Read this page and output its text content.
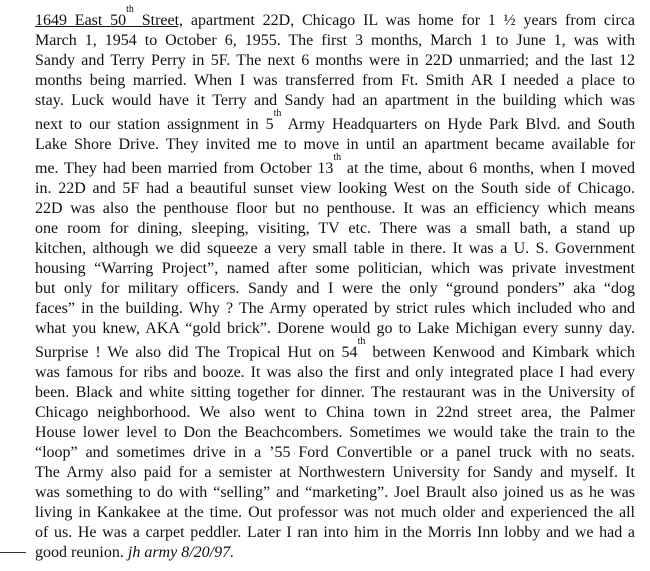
1649 East 50th Street, apartment 22D, Chicago IL was home for 1 ½ years from circa
March 1, 1954 to October 6, 1955. The first 3 months, March 1 to June 1, was with
Sandy and Terry Perry in 5F. The next 6 months were in 22D unmarried; and the last 12
months being married. When I was transferred from Ft. Smith AR I needed a place to
stay. Luck would have it Terry and Sandy had an apartment in the building which was
next to our station assignment in 5th Army Headquarters on Hyde Park Blvd. and South
Lake Shore Drive. They invited me to move in until an apartment became available for
me. They had been married from October 13th at the time, about 6 months, when I moved
in. 22D and 5F had a beautiful sunset view looking West on the South side of Chicago.
22D was also the penthouse floor but no penthouse. It was an efficiency which means
one room for dining, sleeping, visiting, TV etc. There was a small bath, a stand up
kitchen, although we did squeeze a very small table in there. It was a U. S. Government
housing “Warring Project”, named after some politician, which was private investment
but only for military officers. Sandy and I were the only “ground ponders” aka “dog
faces” in the building. Why ? The Army operated by strict rules which included who and
what you knew, AKA “gold brick”. Dorene would go to Lake Michigan every sunny day.
Surprise ! We also did The Tropical Hut on 54th between Kenwood and Kimbark which
was famous for ribs and booze. It was also the first and only integrated place I had every
been. Black and white sitting together for dinner. The restaurant was in the University of
Chicago neighborhood. We also went to China town in 22nd street area, the Palmer
House lower level to Don the Beachcombers. Sometimes we would take the train to the
“loop” and sometimes drive in a ’55 Ford Convertible or a panel truck with no seats.
The Army also paid for a semister at Northwestern University for Sandy and myself. It
was something to do with “selling” and “marketing”. Joel Brault also joined us as he was
living in Kankakee at the time. Out professor was not much older and experienced the all
of us. He was a carpet peddler. Later I ran into him in the Morris Inn lobby and we had a
good reunion. jh army 8/20/97.
